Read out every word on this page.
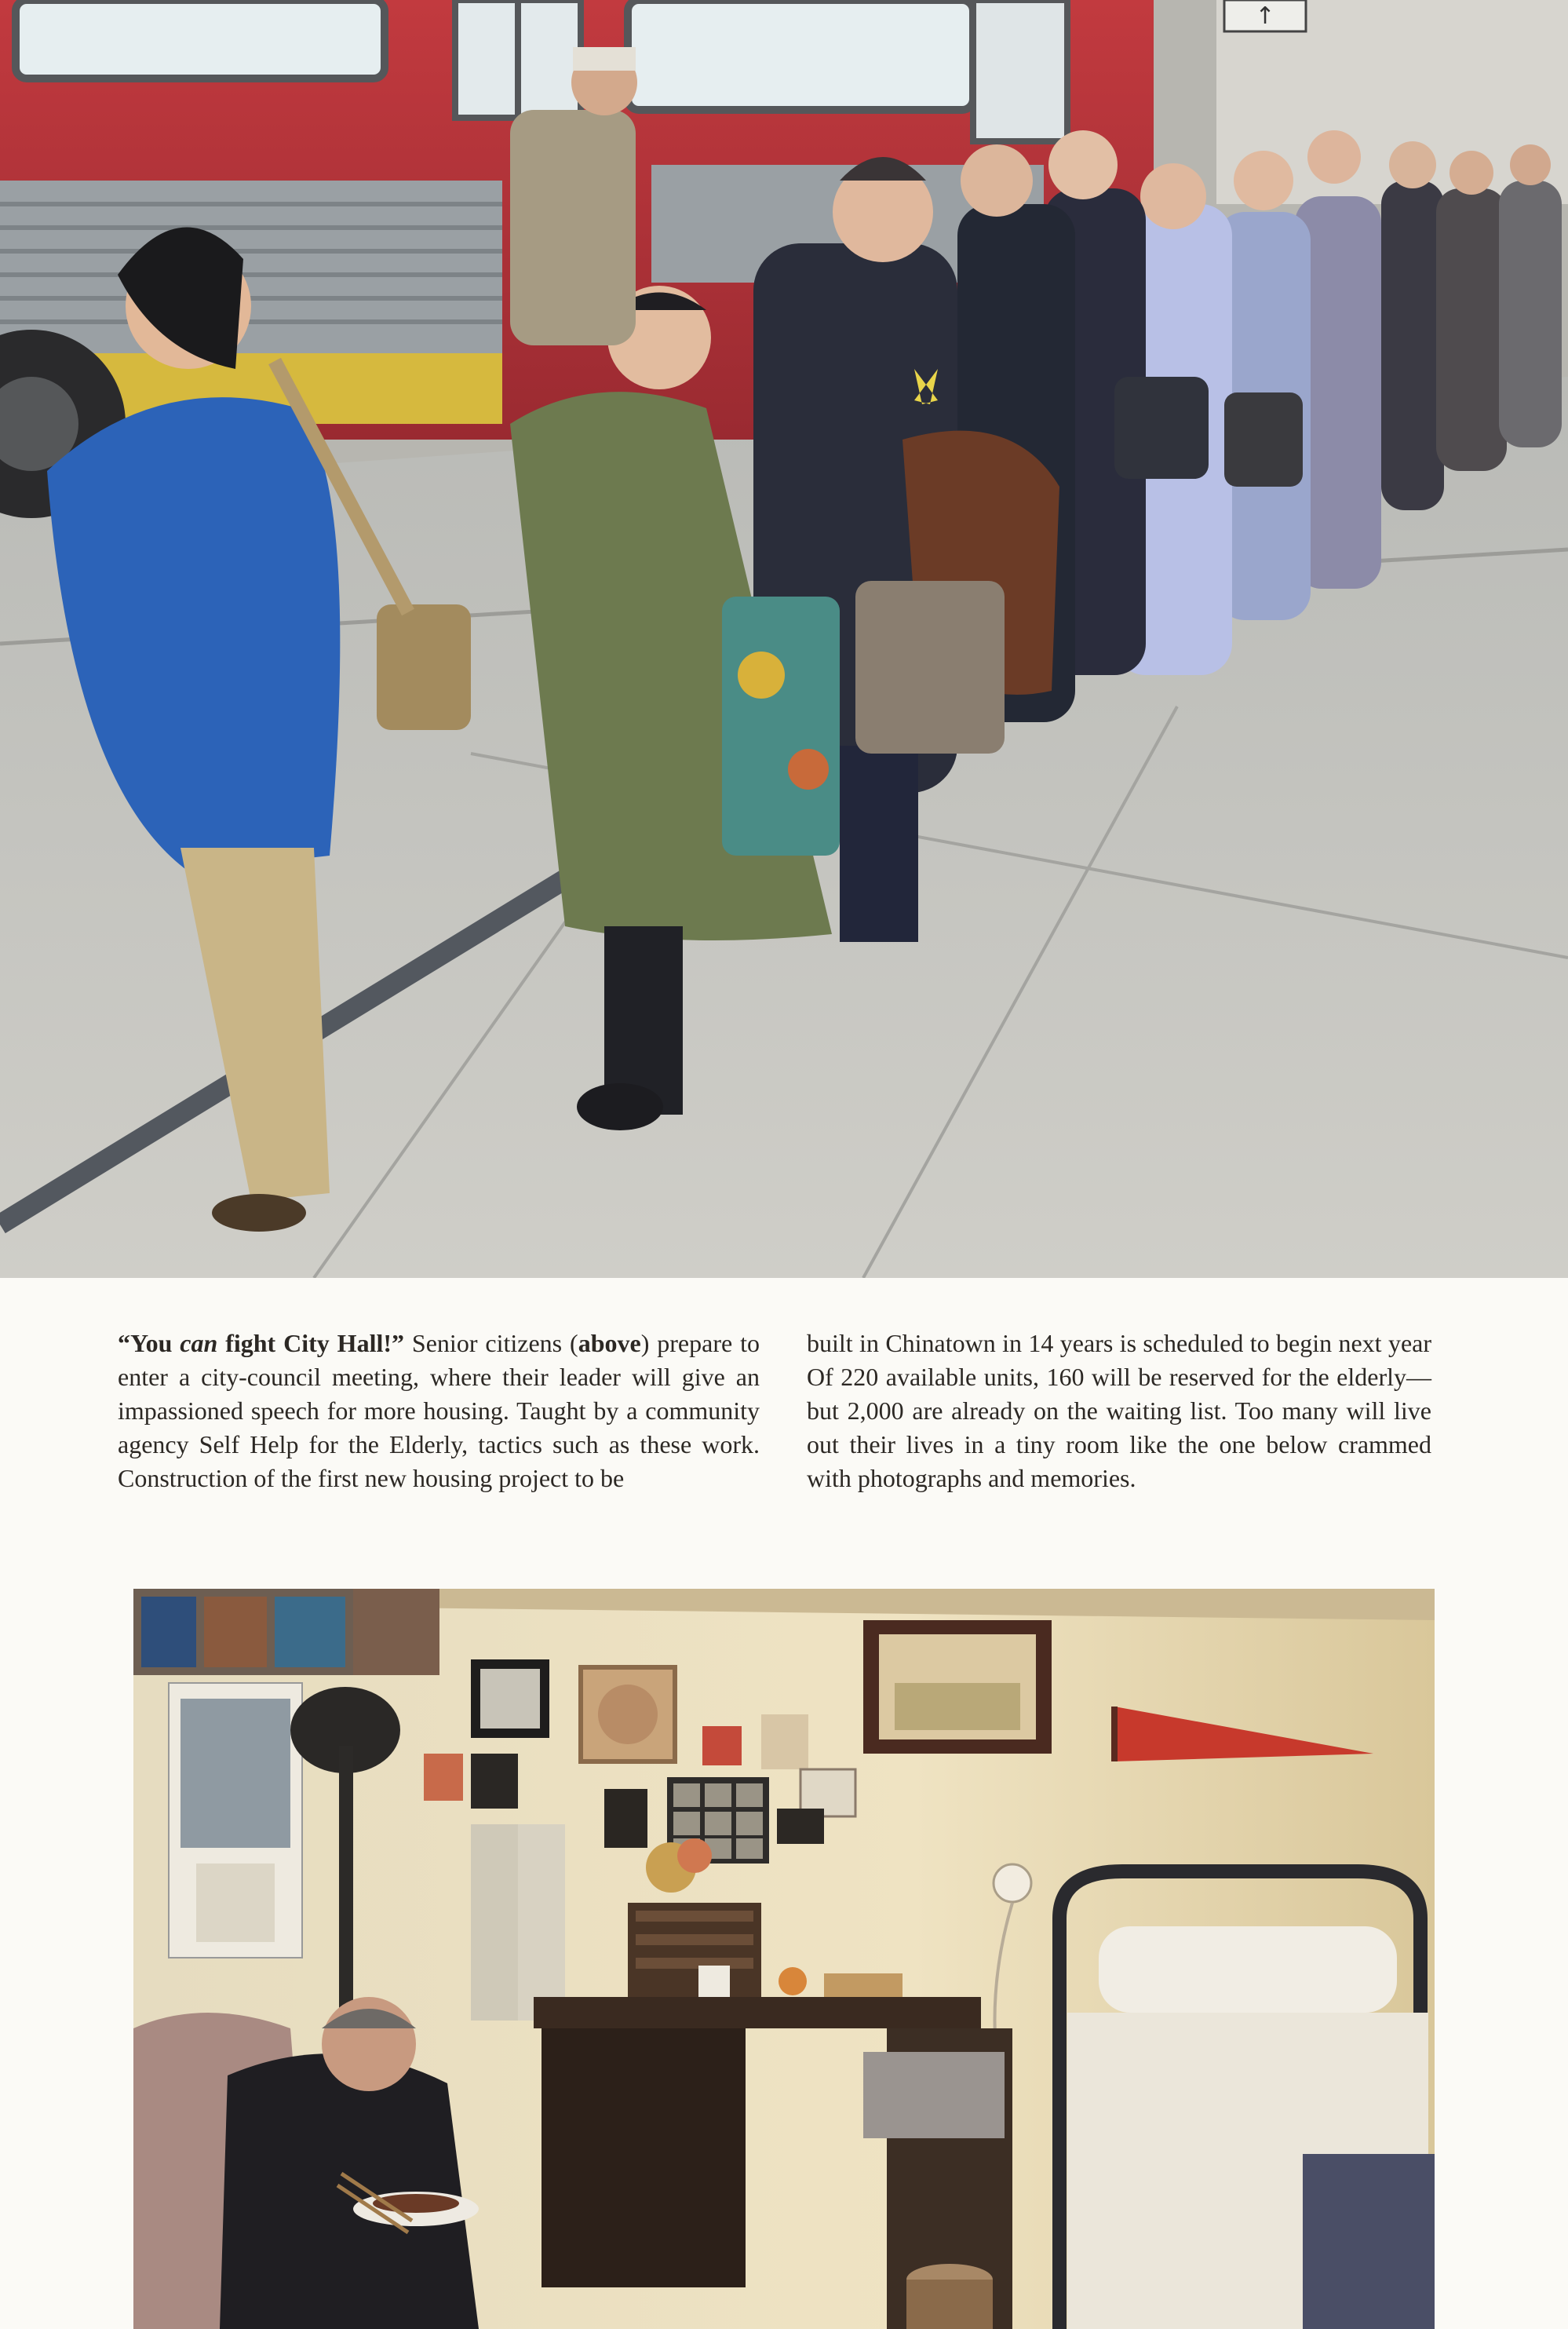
↑

“You can fight City Hall!” Senior citizens (above) prepare to enter a city-council meeting, where their leader will give an impassioned speech for more housing. Taught by a community agency Self Help for the Elderly, tactics such as these work. Construction of the first new housing project to be

built in Chinatown in 14 years is scheduled to begin next year Of 220 available units, 160 will be reserved for the elderly—but 2,000 are already on the waiting list. Too many will live out their lives in a tiny room like the one below crammed with photographs and memories.
